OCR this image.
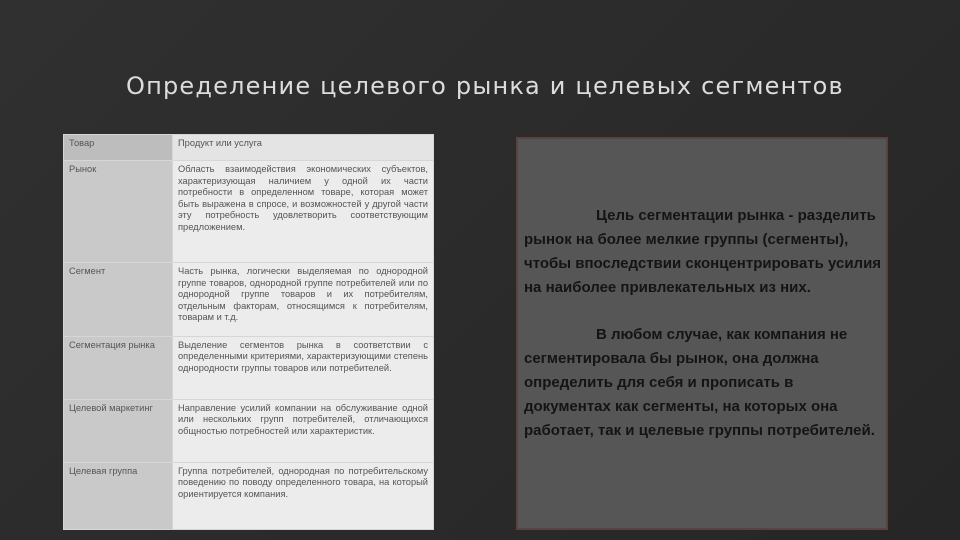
Определение целевого рынка и целевых сегментов
Товар	Продукт или услуга
Рынок	Область взаимодействия экономических субъектов, характеризующая наличием у одной их части потребности в определенном товаре, которая может быть выражена в спросе, и возможностей у другой части эту потребность удовлетворить соответствующим предложением.
Сегмент	Часть рынка, логически выделяемая по однородной группе товаров, однородной группе потребителей или по однородной группе товаров и их потребителям, отдельным факторам, относящимся к потребителям, товарам и т.д.
Сегментация рынка	Выделение сегментов рынка в соответствии с определенными критериями, характеризующими степень однородности группы товаров или потребителей.
Целевой маркетинг	Направление усилий компании на обслуживание одной или нескольких групп потребителей, отличающихся общностью потребностей или характеристик.
Целевая группа	Группа потребителей, однородная по потребительскому поведению по поводу определенного товара, на который ориентируется компания.

Цель сегментации рынка - разделить рынок на более мелкие группы (сегменты), чтобы впоследствии сконцентрировать усилия на наиболее привлекательных из них.

В любом случае, как компания не сегментировала бы рынок, она должна определить для себя и прописать в документах как сегменты, на которых она работает, так и целевые группы потребителей.
